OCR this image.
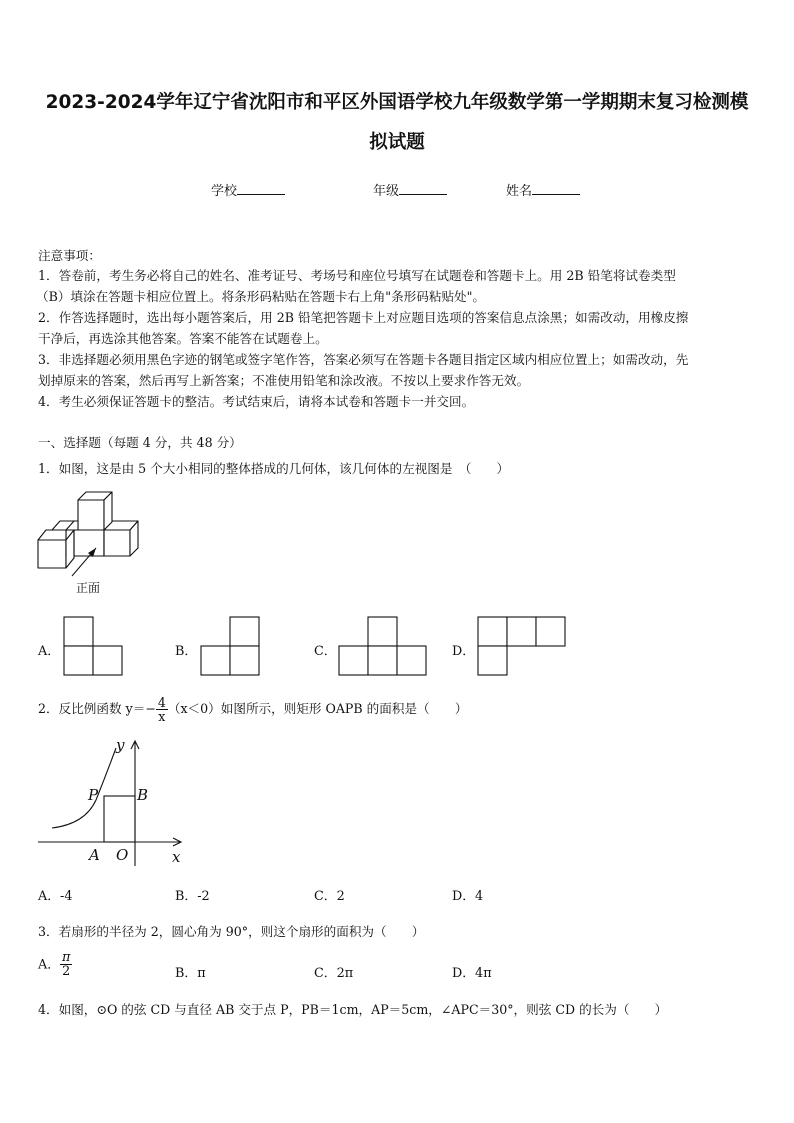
2023-2024学年辽宁省沈阳市和平区外国语学校九年级数学第一学期期末复习检测模
拟试题
学校	年级	姓名
注意事项：
1．答卷前，考生务必将自己的姓名、准考证号、考场号和座位号填写在试题卷和答题卡上。用 2B 铅笔将试卷类型
（B）填涂在答题卡相应位置上。将条形码粘贴在答题卡右上角"条形码粘贴处"。
2．作答选择题时，选出每小题答案后，用 2B 铅笔把答题卡上对应题目选项的答案信息点涂黑；如需改动，用橡皮擦
干净后，再选涂其他答案。答案不能答在试题卷上。
3．非选择题必须用黑色字迹的钢笔或签字笔作答，答案必须写在答题卡各题目指定区域内相应位置上；如需改动，先
划掉原来的答案，然后再写上新答案；不准使用铅笔和涂改液。不按以上要求作答无效。
4．考生必须保证答题卡的整洁。考试结束后，请将本试卷和答题卡一并交回。
一、选择题（每题 4 分，共 48 分）
1．如图，这是由 5 个大小相同的整体搭成的几何体，该几何体的左视图是　（　　）
正面
A．	B．	C．	D．
2．反比例函数 $y=- \frac{4}{x} (x<0)$如图所示，则矩形 OAPB 的面积是（　　）
y
P	B
A O	x
A．-4	B．-2	C．2	D．4
3．若扇形的半径为 2，圆心角为 90°，则这个扇形的面积为（　　）
A． $\frac{\pi}{2}$	B．π	C．2π	D．4π
4．如图，⊙O 的弦 CD 与直径 AB 交于点 P，PB＝1cm，AP＝5cm，∠APC＝30°，则弦 CD 的长为（　　）
